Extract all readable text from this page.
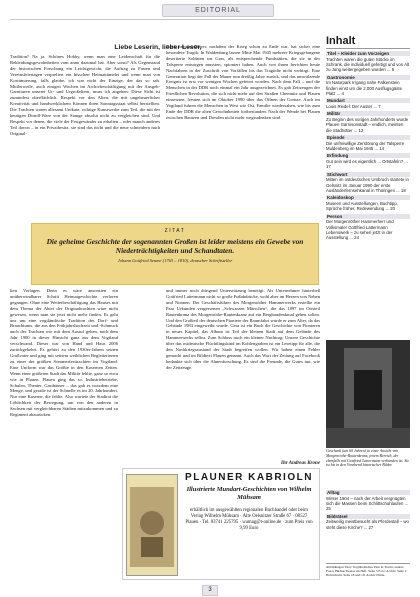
EDITORIAL
Liebe Leserin, lieber Leser,

Tradition? Na ja. Schönes Hobby, wenn man eine Leidenschaft für die Bekleidungsgewohnheiten vom anno dazumal hat. Aber sonst? Als Gegenstand der historischen Forschung ein Leichtgewicht, die Auftrag zu Fasten und Vereinsfeiertagen verpreliert ein bisschen Heimattümelei und wenn man von Kostümierung, falls glaube, ich war nicht der Einzige, der das so sah. Mittlerweile, auch einigen Wochen im Archivbeschäftigung mit der Ausgeh-Garnituren unserer Ur- und Urgroßeltern, muss ich angeben: Diese Sicht ist zumindest oberflächlich. Respekt vor den Alten, die mit ungeheuerlicher Kreativität und handwerklichem Können ihren Sonntagsstaat selbst herstellten. Die Trachten waren allesamt Unikate, richtige Kunstwerke zum Teil, die mit der heutigen Dirndl-Ware von der Stange absolut nicht zu vergleichen sind. Und Respekt vor denen, die viele der Festgewänder zu erhalten – oder manch anderes Teil davon – in ein Privatbesitz, sie sind das nicht und die neue schneidern nach Original-

Noch unvorstellbarer, nachdem der Krieg schon zu Ende war, hat sicher eine besondere Tragik. In Waldenburg lassen Mitte Mai 1945 mehrere Kriegsgefangene desertierte Soldaten ins Gras, als entsprechende Fundstätten, die sie in der Talsperre entsorgen mussten, spioniert haben. Auch von ihnen berichten heute Nachfahren in der Zuschrift von Vorfällen bis das Tragödie nicht verbirgt. Eine Generation liegt der Fall der Mauer nun dreißig Jahre zurück, und das umwälzende Ereignis ist erst vor wenigen Wochen gefeiert worden. Nach dem Fall – und die Menschen in der DDR noch einmal ein Jahr ausgezeichnet. Es gab Zeitzeugen der Friedlichen Revolution, die sich nicht mehr auf den Straßen Chemnitz und Plauen einsetzten, freuten sich im Oktober 1990 über das Öffnen der Grenze. Auch im Vogtland fuhren die Menschen in West wie Ost, Familie wiedersahen, wie bis zum Ende der DDR die alten Gewohnheiten fortbestanden. Nach der Wende bei Plauen zwischen Bautzen und Dresden nicht mehr wegzudenken sind.

ZITAT
Die geheime Geschichte der sogenannten Großen ist leider meistens ein Gewebe von Niederträchtigkeiten und Schandtaten.
Johann Gottfried Seume (1763 – 1810), deutscher Schriftsteller

lien Vorlagen. Denn es wäre ansonsten ein unüberwindbarer Schritt Heimatgeschichte verloren gegangen. Ohne eine Weiterbeschäftigung das Hauses mit dem Thema der Abtei der Originaltrachten wäre nicht gewesen, wenn man sie jetzt nicht mehr finden. Es geht uns um eine vogtländische Tradition des Dorf- und Brauchtums, die aus den Frühjahrshochzeit und -Schmuck auch der Trachten wie mit dem Ausruf gehen, nach dem Jahr 1900 in dieser Hinsicht ganz aus dem Vogtland verschwand. Dieser war von Hand und Haus 2006 zurückgekehrt. Es gehört zu den 1930er-Jahren seinen Großvater und ging mit seinem weiblichen Begleiterinnen zu einer der größten Sommerfesttrachten im Vogtland. Eine Uniform war das Größte in den Kasernen Zeiten. Wenn einer größeren Stadt das Militär fehlte, ganz so etwa wie in Plauen. Plauen ging das so. Industriebetriebe, Schulen, Theater, Gasthäuser – das gab es trotzdem eine Menge, und gerade ist der Schnelle es im 20. Jahrhundert. Nur eine Kaserne, die fehlte. Also wartete der Stadtrat die Löblichkeit der Bewegung, um von den anderen in Sachsen mit vergleichbaren Städten mitzukommen und zu Regiment abzurücken.

und immer noch dringend Unterstützung benötigt. Als Unternehmer hinterließ Gottfried Lattermann nicht so große Fußabdrücke, wohl aber im Herzen von Neben und Nonnen. Der Geschäftsführer des Morgenröther Hammerwerks erstellte ein Paar Urkunden vergessenen „Schwarzen Märschen“, die das 1897 im Ortsteil Rautenkranz des Morgenröthe-Rautenkranz auf ein Bergbaudenkmal gehen sollen. Und den Großteil der deutschen Pioniere der Raumfahrt wurde er zum Alter, da das Gebäude 1983 eingeweiht wurde. Gera ist ein Buch die Geschichte von Pionieren in neues Kapitel, das Album ist Teil der kleinen Stadt auf dem Gelände des Hammerwerks selbst. Zum Schluss noch ein kleiner Nachtrag: Unsere Geschichte über das ostdeutsche Flüchtlingskind im Kohlengraben ist ein Lesetipp für alle, die den Nachkriegszustand der Stadt begreifen wollen. Wir haben einen Fehler gemacht und im Bildtext Plauen genannt. Auch das Wort der Zeitung auf Facebook bedankte sich über die Ahnenforschung. Es sind die Freunde, die Gutes tun, wie der Zeitzeuge.

Ihr Andreas Krone
PLAUNER KABRIOLN
Illustrierte Mundart-Geschichten von Wilhelm Mühsam
erhältlich im ausgewählten regionalen Buchhandel oder beim Verlag Wilhelm Mühsam · Alte Oelsnitzer Straße 67 · 08527 Plauen · Tel. 03741 225795 · wamag@t-online.de · zum Preis von 9,99 Euro
Inhalt
Titel – Kleider zum Vorzeigen
Trachten waren die guten Stücke im Schrank, die individuell gefertigt und von Alt zu Jung weitergegeben wurden ... 5
Gastronomie
Im Naturpark Irrgang nahe Falkenstein finden einst um die 2.000 Ausflugsgäste Platz ... 4
Mundart
Louis Riedel: Der Auster ... 7
Militär
Zu Beginn des vorigen Jahrhunderts wurde Plauen Garnisonstadt – endlich, meinten die Stadtväter ... 12
Episode
Die unfreiwillige Zerstörung der Talsperre Muldenberg im Mai 1945 ... 14
Erfindung
Gut sein wird es eigentlich ... Ortstafeln? ... 17
Stichwort
Mitten im ostdeutschen Umbruch startete in Oelsnitz im Januar 1990 der erste Ausländerfernsehkanal in Thüringen ... 18
Kaleidoskop
Museen und Ausstellungen, Buchtipp, Sprüche früher, Redewendung ... 20
Person
Der Morgenröther Hammerherr und Volksmaler Gottfried Lattermann Lebenswerk – zu sehen jetzt in der Ausstellung ... 24
Geschenk (um 60 Jahren) in einer Ansicht von Morgenröthe-Rautenkranz, jenem Bereich, der ebenfalls mit Gottfried Lattermann verbunden ist. Sie ist bis in den Vorabend historischer Bilder.
Alltag
Winter 1904 – nach der Arbeit vergnügten sich die Massen beim Schlittschuhlaufen ... 25
Bildrätsel
Zeitweilig meistbesucht als Pferdestall – wo steht diese Kirche? ... 27
Abbildungen Titel: Vogtländisches Pass in Tracht, andere Fotos, Bildnachweise im Heft. Seite 3 Foto: Archiv. Seite 2 Holzschnitt, Seite 18 und 19: Archiv Dritte.
3
